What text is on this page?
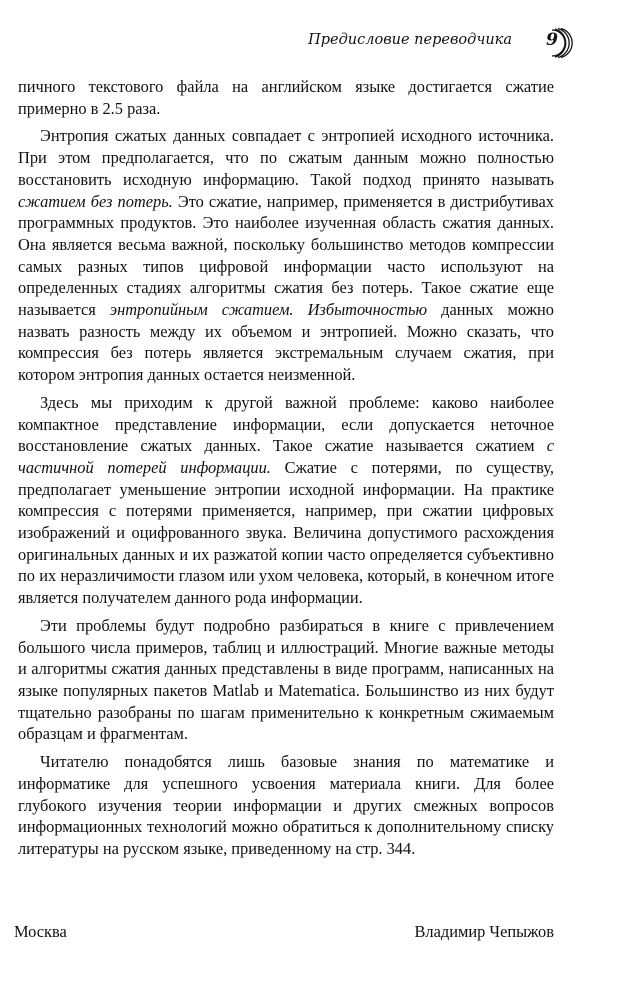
Предисловие переводчика 9

пичного текстового файла на английском языке достигается сжатие примерно в 2.5 раза.

Энтропия сжатых данных совпадает с энтропией исходного источника. При этом предполагается, что по сжатым данным можно полностью восстановить исходную информацию. Такой подход принято называть сжатием без потерь. Это сжатие, например, применяется в дистрибутивах программных продуктов. Это наиболее изученная область сжатия данных. Она является весьма важной, поскольку большинство методов компрессии самых разных типов цифровой информации часто используют на определенных стадиях алгоритмы сжатия без потерь. Такое сжатие еще называется энтропийным сжатием. Избыточностью данных можно назвать разность между их объемом и энтропией. Можно сказать, что компрессия без потерь является экстремальным случаем сжатия, при котором энтропия данных остается неизменной.

Здесь мы приходим к другой важной проблеме: каково наиболее компактное представление информации, если допускается неточное восстановление сжатых данных. Такое сжатие называется сжатием с частичной потерей информации. Сжатие с потерями, по существу, предполагает уменьшение энтропии исходной информации. На практике компрессия с потерями применяется, например, при сжатии цифровых изображений и оцифрованного звука. Величина допустимого расхождения оригинальных данных и их разжатой копии часто определяется субъективно по их неразличимости глазом или ухом человека, который, в конечном итоге является получателем данного рода информации.

Эти проблемы будут подробно разбираться в книге с привлечением большого числа примеров, таблиц и иллюстраций. Многие важные методы и алгоритмы сжатия данных представлены в виде программ, написанных на языке популярных пакетов Matlab и Matematica. Большинство из них будут тщательно разобраны по шагам применительно к конкретным сжимаемым образцам и фрагментам.

Читателю понадобятся лишь базовые знания по математике и информатике для успешного усвоения материала книги. Для более глубокого изучения теории информации и других смежных вопросов информационных технологий можно обратиться к дополнительному списку литературы на русском языке, приведенному на стр. 344.

Москва	Владимир Чепыжов
